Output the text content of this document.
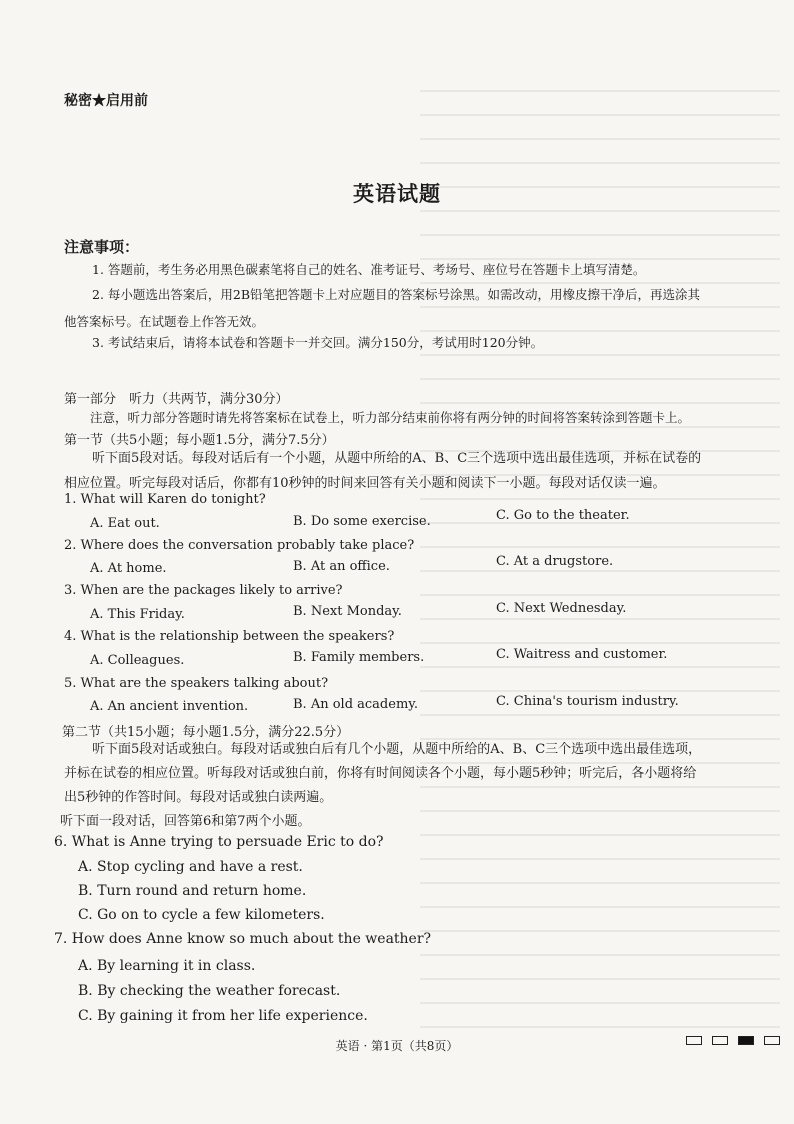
秘密★启用前
英语试题
注意事项：
1. 答题前，考生务必用黑色碳素笔将自己的姓名、准考证号、考场号、座位号在答题卡上填写清楚。
2. 每小题选出答案后，用2B铅笔把答题卡上对应题目的答案标号涂黑。如需改动，用橡皮擦干净后，再选涂其他答案标号。在试题卷上作答无效。
3. 考试结束后，请将本试卷和答题卡一并交回。满分150分，考试用时120分钟。
第一部分　听力（共两节，满分30分）
注意，听力部分答题时请先将答案标在试卷上，听力部分结束前你将有两分钟的时间将答案转涂到答题卡上。
第一节（共5小题；每小题1.5分，满分7.5分）
听下面5段对话。每段对话后有一个小题，从题中所给的A、B、C三个选项中选出最佳选项，并标在试卷的相应位置。听完每段对话后，你都有10秒钟的时间来回答有关小题和阅读下一小题。每段对话仅读一遍。
1. What will Karen do tonight?
A. Eat out.	B. Do some exercise.	C. Go to the theater.
2. Where does the conversation probably take place?
A. At home.	B. At an office.	C. At a drugstore.
3. When are the packages likely to arrive?
A. This Friday.	B. Next Monday.	C. Next Wednesday.
4. What is the relationship between the speakers?
A. Colleagues.	B. Family members.	C. Waitress and customer.
5. What are the speakers talking about?
A. An ancient invention.	B. An old academy.	C. China's tourism industry.
第二节（共15小题；每小题1.5分，满分22.5分）
听下面5段对话或独白。每段对话或独白后有几个小题，从题中所给的A、B、C三个选项中选出最佳选项，并标在试卷的相应位置。听每段对话或独白前，你将有时间阅读各个小题，每小题5秒钟；听完后，各小题将给出5秒钟的作答时间。每段对话或独白读两遍。
听下面一段对话，回答第6和第7两个小题。
6. What is Anne trying to persuade Eric to do?
A. Stop cycling and have a rest.
B. Turn round and return home.
C. Go on to cycle a few kilometers.
7. How does Anne know so much about the weather?
A. By learning it in class.
B. By checking the weather forecast.
C. By gaining it from her life experience.
英语 · 第1页（共8页）
